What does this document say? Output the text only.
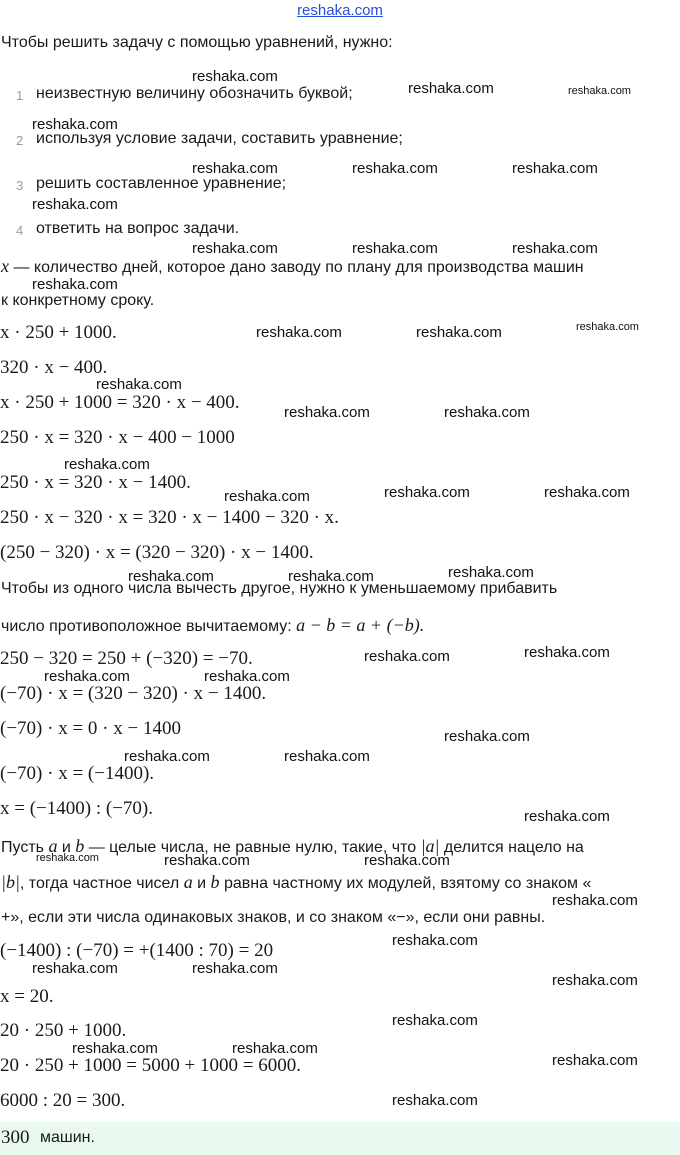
reshaka.com
Чтобы решить задачу с помощью уравнений, нужно:
1 неизвестную величину обозначить буквой;
2 используя условие задачи, составить уравнение;
3 решить составленное уравнение;
4 ответить на вопрос задачи.
x — количество дней, которое дано заводу по плану для производства машин
к конкретному сроку.
x · 250 + 1000.
320 · x − 400.
x · 250 + 1000 = 320 · x − 400.
250 · x = 320 · x − 400 − 1000
250 · x = 320 · x − 1400.
250 · x − 320 · x = 320 · x − 1400 − 320 · x.
(250 − 320) · x = (320 − 320) · x − 1400.
Чтобы из одного числа вычесть другое, нужно к уменьшаемому прибавить
число противоположное вычитаемому: a − b = a + (−b).
250 − 320 = 250 + (−320) = −70.
(−70) · x = (320 − 320) · x − 1400.
(−70) · x = 0 · x − 1400
(−70) · x = (−1400).
x = (−1400) : (−70).
Пусть a и b — целые числа, не равные нулю, такие, что |a| делится нацело на
|b|, тогда частное чисел a и b равна частному их модулей, взятому со знаком «
+», если эти числа одинаковых знаков, и со знаком «−», если они равны.
(−1400) : (−70) = +(1400 : 70) = 20
x = 20.
20 · 250 + 1000.
20 · 250 + 1000 = 5000 + 1000 = 6000.
6000 : 20 = 300.
300 машин.
reshaka.com
reshaka.com	reshaka.com
reshaka.com
reshaka.com	reshaka.com	reshaka.com
reshaka.com
reshaka.com	reshaka.com	reshaka.com
reshaka.com
reshaka.com	reshaka.com	reshaka.com
reshaka.com
reshaka.com	reshaka.com
reshaka.com
reshaka.com	reshaka.com	reshaka.com
reshaka.com	reshaka.com	reshaka.com
reshaka.com	reshaka.com
reshaka.com	reshaka.com
reshaka.com
reshaka.com	reshaka.com
reshaka.com
reshaka.com	reshaka.com	reshaka.com
reshaka.com
reshaka.com
reshaka.com	reshaka.com
reshaka.com
reshaka.com
reshaka.com	reshaka.com
reshaka.com
reshaka.com
